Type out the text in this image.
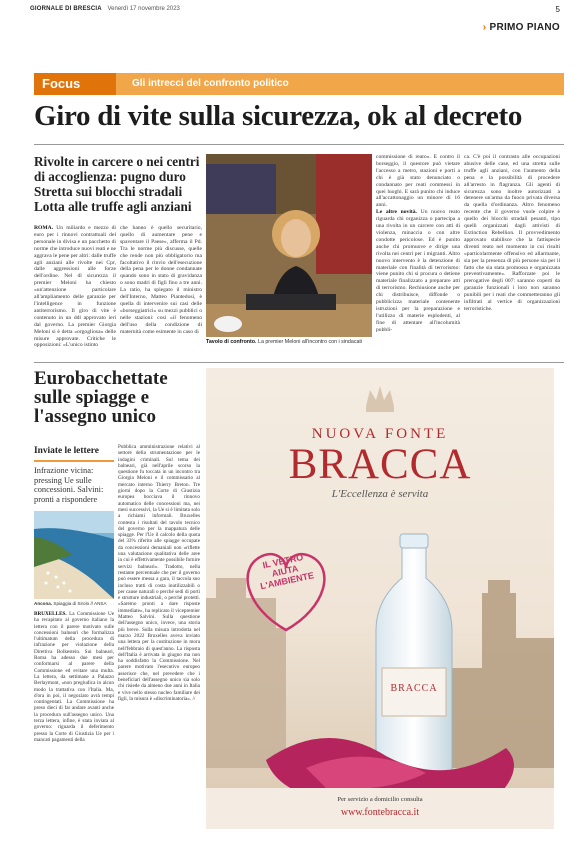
GIORNALE DI BRESCIA Venerdì 17 novembre 2023	5
› PRIMO PIANO
Focus	Gli intrecci del confronto politico
Giro di vite sulla sicurezza, ok al decreto
Rivolte in carcere o nei centri di accoglienza: pugno duro Stretta sui blocchi stradali Lotta alle truffe agli anziani
ROMA. Un miliardo e mezzo di euro per i rinnovi contrattuali del personale in divisa e un pacchetto di norme che introduce nuovi reati e ne aggrava le pene per altri: dalle truffe agli anziani alle rivolte nei Cpr, dalle aggressioni alle forze dell'ordine. Nel dl sicurezza il premier Meloni ha chiesto «un'attenzione particolare all'ampliamento delle garanzie per l'intelligence in funzione antiterrorismo. Il giro di vite è contenuto in un ddl approvato ieri dal governo. La premier Giorgia Meloni si è detta «orgogliosa» delle misure approvate. Critiche le opposizioni: «L'unico istinto
che hanno è quello securitario, quello di aumentare pene e spaventare il Paese», afferma il Pd. Tra le norme più discusse, quelle che rende non più obbligatorio ma facoltativo il rinvio dell'esecuzione della pena per le donne condannate quando sono in stato di gravidanza o sono madri di figli fino a tre anni. La ratio, ha spiegato il ministro dell'Interno, Matteo Piantedosi, è quella di intervenire sui casi delle «borseggiatrici» su mezzi pubblici o nelle stazioni: così «il fenomeno dell'uso della condizione di maternità come esimente in caso di
Tavolo di confronto. La premier Meloni all'incontro con i sindacati
commissione di reato». E contro il borseggio, il questore può vietare l'accesso a metro, stazioni e porti a chi è già stato denunciato o condannato per reati commessi in quei luoghi. E sarà punito chi induce all'accattonaggio un minore di 16 anni.
Le altre novità. Un nuovo reato riguarda chi organizza o partecipa a una rivolta in un carcere con atti di violenza, minaccia o con altre condotte pericolose. Ed è punito anche chi promuove e dirige una rivolta nei centri per i migranti. Altro nuovo intervento è la detenzione di materiale con finalità di terrorismo: viene punito chi si procura o detiene materiale finalizzato a preparare atti di terrorismo. Rechiusione anche per chi distribuisce, diffonde o pubblicizza materiale contenente istruzioni per la preparazione e l'utilizzo di materie esplodenti, al fine di attentare all'incolumità pubbli-
ca. C'è poi il contrasto alle occupazioni abusive delle case, ed una stretta sulle truffe agli anziani, con l'aumento della pena e la possibilità di procedere all'arresto in flagranza. Gli agenti di sicurezza sono inoltre autorizzati a detenere un'arma da fuoco privata diversa da quella d'ordinanza. Altro fenomeno recente che il governo vuole colpire è quello dei blocchi stradali pesanti, tipo quelli organizzati dagli attivisti di Extinction Rebellion. Il provvedimento approvato stabilisce che la fattispecie diventi reato nel momento in cui risulti «particolarmente offensivo ed allarmante, sia per la presenza di più persone sia per il fatto che sia stata promossa e organizzata preventivamente». Rafforzate poi le prerogative degli 007: saranno coperti da garanzie funzionali i loro non saranno punibili per i reati che commetteranno gli infiltrati al vertice di organizzazioni terroristiche.
Eurobacchettate sulle spiagge e l'assegno unico
Inviate le lettere
Infrazione vicina: pressing Ue sulle concessioni. Salvini: pronti a rispondere
Ancona. Spiaggia di Sirolo // ANSA
BRUXELLES. La Commissione Ue ha recapitato al governo italiano la lettera con il parere motivato sulle concessioni balneari che formalizza l'ultimatum della procedura di infrazione per violazione della Direttiva Bolkestein. Sui balneari, Roma ha adesso due mesi per conformarsi al parere della Commissione ed evitare una multa. La lettera, da settimane a Palazzo Berlaymont, «non pregiudica in alcun modo la trattativa con l'Italia. Ma, d'ora in poi, il negoziato avrà tempi contingentati. La Commissione ha preso dieci di far andare avanti anche la procedura sull'assegno unico. Una terza lettera, infine, è stata inviata al governo: riguarda il deferimento presso la Corte di Giustizia Ue per i mancati pagamenti della
Pubblica amministrazione relativi al settore della strumentazione per le indagini criminali. Sul tema dei balneari, già nell'aprile scorso la questione fu toccata in un incontro tra Giorgia Meloni e il commissario al mercato interno Thierry Breton. Tre giorni dopo la Corte di Giustizia europea bocciava il rinnovo automatico delle concessioni ma, nei mesi successivi, la Ue si è limitata solo a richiami informali. Bruxelles contesta i risultati del tavolo tecnico del governo per la mappatura delle spiagge. Per l'Ue il calcolo della quota del 33% riferito alle spiagge occupate da concessioni demaniali non «riflette una valutazione qualitativa delle aree in cui è effettivamente possibile fornire servizi balneari». Tradotto, nella restante percentuale che per il governo può essere messa a gara, il taccola suo incluso tratti di costa inutilizzabili o per cause naturali o perché sedi di porti e strutture industriali, o perché protetti. «Saremo pronti a dare risposte immediate», ha replicato il vicepremier Matteo Salvini. Sulla questione dell'assegno unico, invece, una storia più breve. Sulla misura introdotta nel marzo 2022 Bruxelles aveva inviato una lettera per la costituzione in mora nell'febbraio di quest'anno. La risposta dell'Italia è arrivata in giugno ma non ha soddisfatto la Commissione. Nel parere motivato l'esecutivo europeo asserisce che, nel prevedere che i beneficiari dell'assegno unico sia solo chi risiede da almeno due anni in Italia e vive nello stesso nucleo familiare dei figli, la misura è «discriminatoria». //
NUOVA FONTE
BRACCA
L'Eccellenza è servita
IL VETRO AIUTA L'AMBIENTE
BRACCA
Per servizio a domicilio consulta
www.fontebracca.it
